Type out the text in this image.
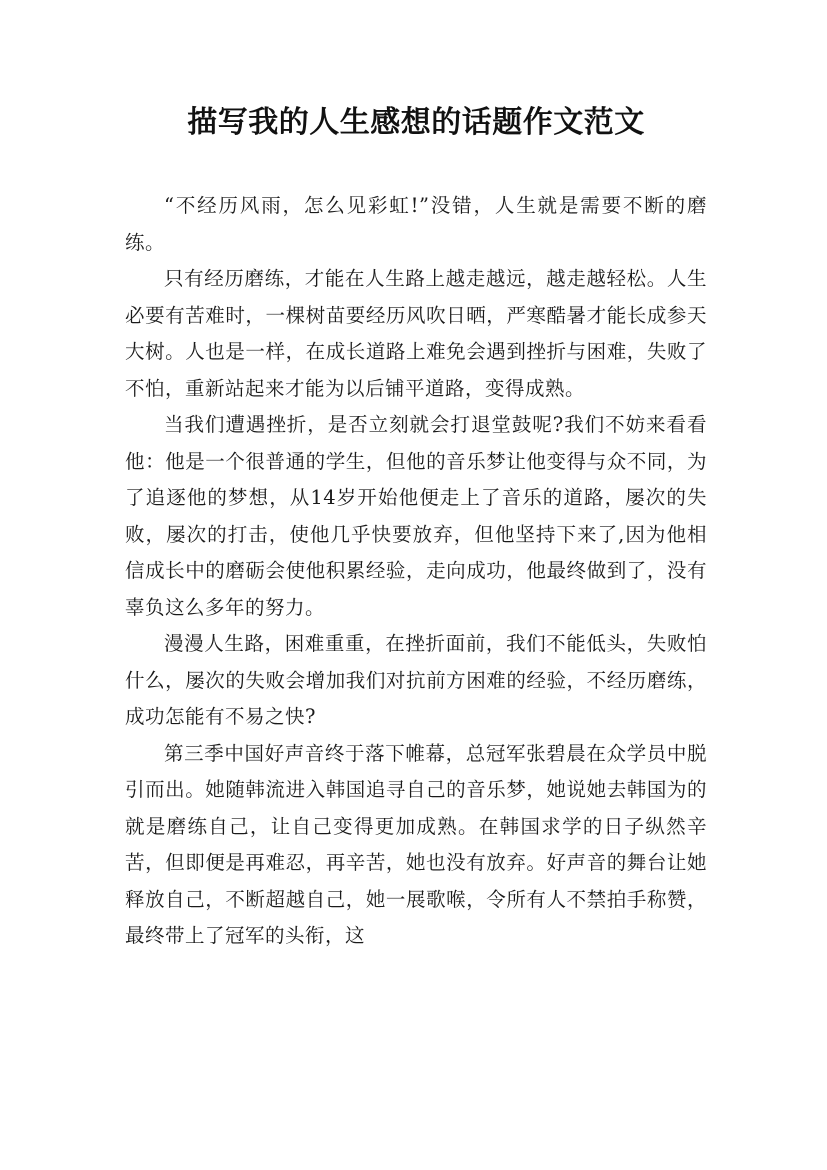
描写我的人生感想的话题作文范文

“不经历风雨，怎么见彩虹!”没错，人生就是需要不断的磨练。

只有经历磨练，才能在人生路上越走越远，越走越轻松。人生必要有苦难时，一棵树苗要经历风吹日晒，严寒酷暑才能长成参天大树。人也是一样，在成长道路上难免会遇到挫折与困难，失败了不怕，重新站起来才能为以后铺平道路，变得成熟。

当我们遭遇挫折，是否立刻就会打退堂鼓呢?我们不妨来看看他：他是一个很普通的学生，但他的音乐梦让他变得与众不同，为了追逐他的梦想，从14岁开始他便走上了音乐的道路，屡次的失败，屡次的打击，使他几乎快要放弃，但他坚持下来了,因为他相信成长中的磨砺会使他积累经验，走向成功，他最终做到了，没有辜负这么多年的努力。

漫漫人生路，困难重重，在挫折面前，我们不能低头，失败怕什么，屡次的失败会增加我们对抗前方困难的经验，不经历磨练，成功怎能有不易之快?

第三季中国好声音终于落下帷幕，总冠军张碧晨在众学员中脱引而出。她随韩流进入韩国追寻自己的音乐梦，她说她去韩国为的就是磨练自己，让自己变得更加成熟。在韩国求学的日子纵然辛苦，但即便是再难忍，再辛苦，她也没有放弃。好声音的舞台让她释放自己，不断超越自己，她一展歌喉，令所有人不禁拍手称赞，最终带上了冠军的头衔，这
